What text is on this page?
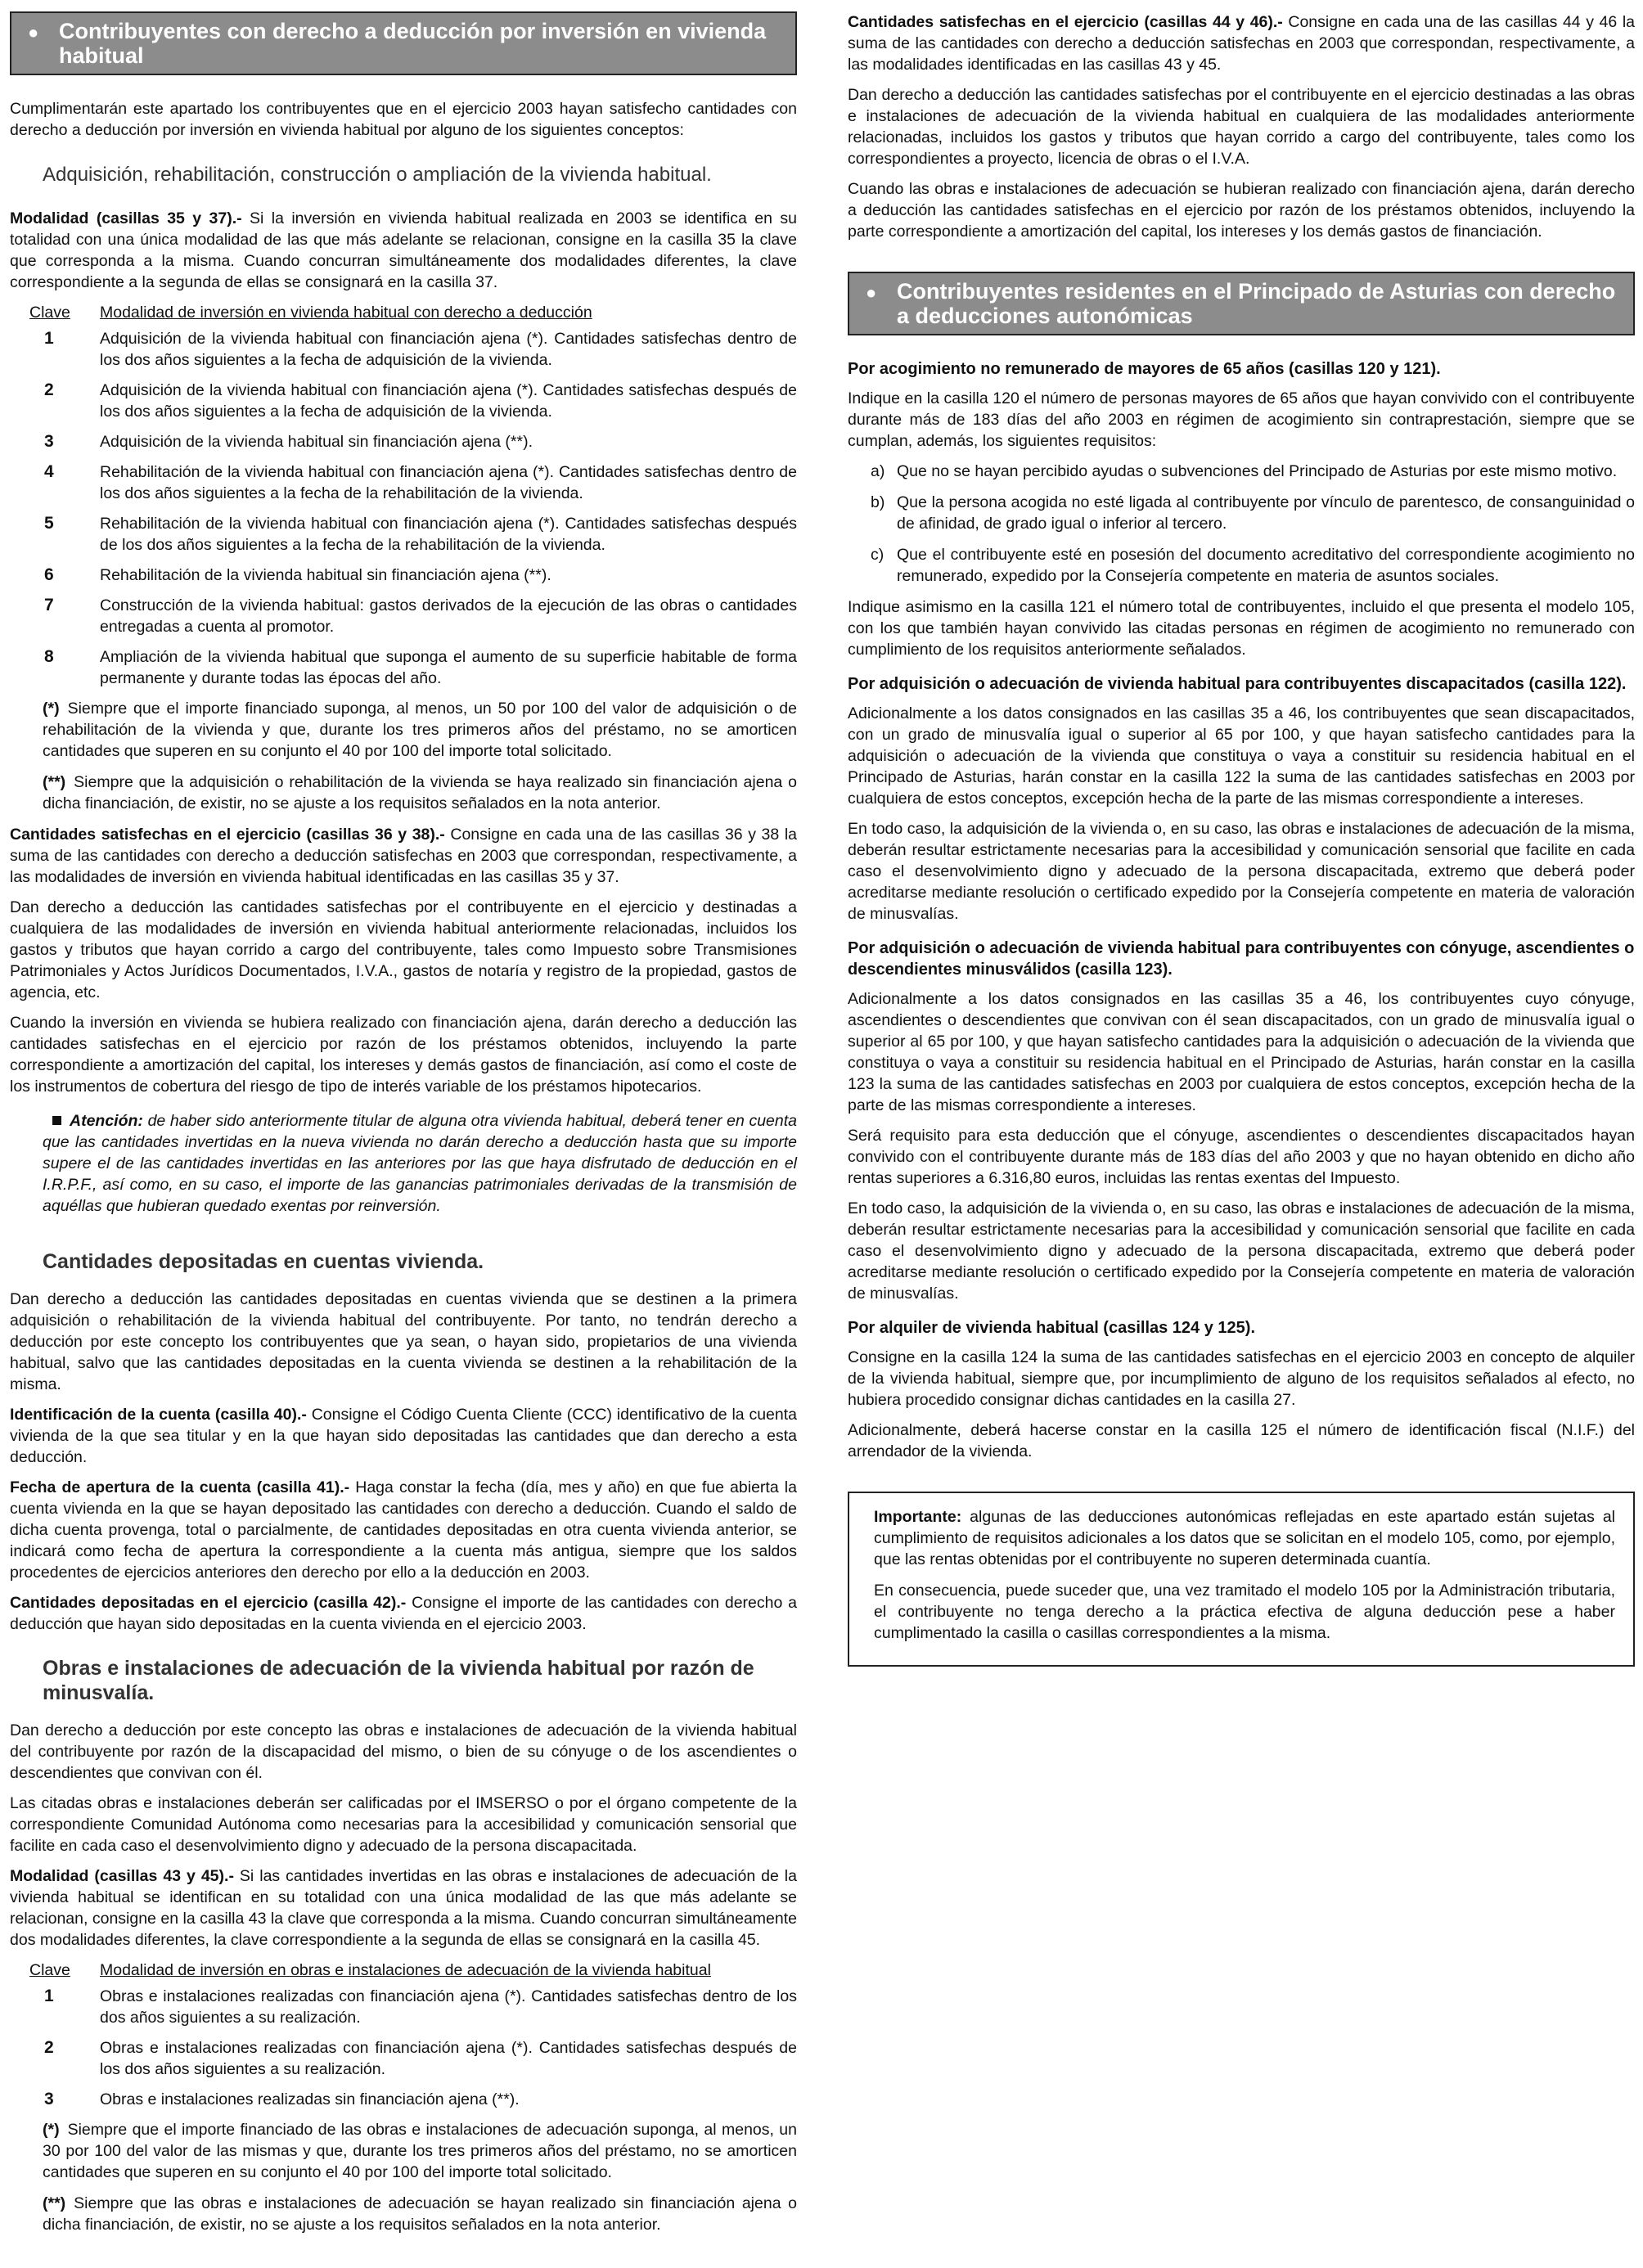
● Contribuyentes con derecho a deducción por inversión en vivienda habitual

Cumplimentarán este apartado los contribuyentes que en el ejercicio 2003 hayan satisfecho cantidades con derecho a deducción por inversión en vivienda habitual por alguno de los siguientes conceptos:

Adquisición, rehabilitación, construcción o ampliación de la vivienda habitual.

Modalidad (casillas 35 y 37).- Si la inversión en vivienda habitual realizada en 2003 se identifica en su totalidad con una única modalidad de las que más adelante se relacionan, consigne en la casilla 35 la clave que corresponda a la misma. Cuando concurran simultáneamente dos modalidades diferentes, la clave correspondiente a la segunda de ellas se consignará en la casilla 37.

Clave	Modalidad de inversión en vivienda habitual con derecho a deducción
1	Adquisición de la vivienda habitual con financiación ajena (*). Cantidades satisfechas dentro de los dos años siguientes a la fecha de adquisición de la vivienda.
2	Adquisición de la vivienda habitual con financiación ajena (*). Cantidades satisfechas después de los dos años siguientes a la fecha de adquisición de la vivienda.
3	Adquisición de la vivienda habitual sin financiación ajena (**).
4	Rehabilitación de la vivienda habitual con financiación ajena (*). Cantidades satisfechas dentro de los dos años siguientes a la fecha de la rehabilitación de la vivienda.
5	Rehabilitación de la vivienda habitual con financiación ajena (*). Cantidades satisfechas después de los dos años siguientes a la fecha de la rehabilitación de la vivienda.
6	Rehabilitación de la vivienda habitual sin financiación ajena (**).
7	Construcción de la vivienda habitual: gastos derivados de la ejecución de las obras o cantidades entregadas a cuenta al promotor.
8	Ampliación de la vivienda habitual que suponga el aumento de su superficie habitable de forma permanente y durante todas las épocas del año.
(*) Siempre que el importe financiado suponga, al menos, un 50 por 100 del valor de adquisición o de rehabilitación de la vivienda y que, durante los tres primeros años del préstamo, no se amorticen cantidades que superen en su conjunto el 40 por 100 del importe total solicitado.
(**) Siempre que la adquisición o rehabilitación de la vivienda se haya realizado sin financiación ajena o dicha financiación, de existir, no se ajuste a los requisitos señalados en la nota anterior.

Cantidades satisfechas en el ejercicio (casillas 36 y 38).- Consigne en cada una de las casillas 36 y 38 la suma de las cantidades con derecho a deducción satisfechas en 2003 que correspondan, respectivamente, a las modalidades de inversión en vivienda habitual identificadas en las casillas 35 y 37.

Dan derecho a deducción las cantidades satisfechas por el contribuyente en el ejercicio y destinadas a cualquiera de las modalidades de inversión en vivienda habitual anteriormente relacionadas, incluidos los gastos y tributos que hayan corrido a cargo del contribuyente, tales como Impuesto sobre Transmisiones Patrimoniales y Actos Jurídicos Documentados, I.V.A., gastos de notaría y registro de la propiedad, gastos de agencia, etc.

Cuando la inversión en vivienda se hubiera realizado con financiación ajena, darán derecho a deducción las cantidades satisfechas en el ejercicio por razón de los préstamos obtenidos, incluyendo la parte correspondiente a amortización del capital, los intereses y demás gastos de financiación, así como el coste de los instrumentos de cobertura del riesgo de tipo de interés variable de los préstamos hipotecarios.

Atención: de haber sido anteriormente titular de alguna otra vivienda habitual, deberá tener en cuenta que las cantidades invertidas en la nueva vivienda no darán derecho a deducción hasta que su importe supere el de las cantidades invertidas en las anteriores por las que haya disfrutado de deducción en el I.R.P.F., así como, en su caso, el importe de las ganancias patrimoniales derivadas de la transmisión de aquéllas que hubieran quedado exentas por reinversión.
Cantidades depositadas en cuentas vivienda.

Dan derecho a deducción las cantidades depositadas en cuentas vivienda que se destinen a la primera adquisición o rehabilitación de la vivienda habitual del contribuyente. Por tanto, no tendrán derecho a deducción por este concepto los contribuyentes que ya sean, o hayan sido, propietarios de una vivienda habitual, salvo que las cantidades depositadas en la cuenta vivienda se destinen a la rehabilitación de la misma.

Identificación de la cuenta (casilla 40).- Consigne el Código Cuenta Cliente (CCC) identificativo de la cuenta vivienda de la que sea titular y en la que hayan sido depositadas las cantidades que dan derecho a esta deducción.

Fecha de apertura de la cuenta (casilla 41).- Haga constar la fecha (día, mes y año) en que fue abierta la cuenta vivienda en la que se hayan depositado las cantidades con derecho a deducción. Cuando el saldo de dicha cuenta provenga, total o parcialmente, de cantidades depositadas en otra cuenta vivienda anterior, se indicará como fecha de apertura la correspondiente a la cuenta más antigua, siempre que los saldos procedentes de ejercicios anteriores den derecho por ello a la deducción en 2003.

Cantidades depositadas en el ejercicio (casilla 42).- Consigne el importe de las cantidades con derecho a deducción que hayan sido depositadas en la cuenta vivienda en el ejercicio 2003.

Obras e instalaciones de adecuación de la vivienda habitual por razón de minusvalía.

Dan derecho a deducción por este concepto las obras e instalaciones de adecuación de la vivienda habitual del contribuyente por razón de la discapacidad del mismo, o bien de su cónyuge o de los ascendientes o descendientes que convivan con él.

Las citadas obras e instalaciones deberán ser calificadas por el IMSERSO o por el órgano competente de la correspondiente Comunidad Autónoma como necesarias para la accesibilidad y comunicación sensorial que facilite en cada caso el desenvolvimiento digno y adecuado de la persona discapacitada.

Modalidad (casillas 43 y 45).- Si las cantidades invertidas en las obras e instalaciones de adecuación de la vivienda habitual se identifican en su totalidad con una única modalidad de las que más adelante se relacionan, consigne en la casilla 43 la clave que corresponda a la misma. Cuando concurran simultáneamente dos modalidades diferentes, la clave correspondiente a la segunda de ellas se consignará en la casilla 45.

Clave	Modalidad de inversión en obras e instalaciones de adecuación de la vivienda habitual
1	Obras e instalaciones realizadas con financiación ajena (*). Cantidades satisfechas dentro de los dos años siguientes a su realización.
2	Obras e instalaciones realizadas con financiación ajena (*). Cantidades satisfechas después de los dos años siguientes a su realización.
3	Obras e instalaciones realizadas sin financiación ajena (**).
(*) Siempre que el importe financiado de las obras e instalaciones de adecuación suponga, al menos, un 30 por 100 del valor de las mismas y que, durante los tres primeros años del préstamo, no se amorticen cantidades que superen en su conjunto el 40 por 100 del importe total solicitado.
(**) Siempre que las obras e instalaciones de adecuación se hayan realizado sin financiación ajena o dicha financiación, de existir, no se ajuste a los requisitos señalados en la nota anterior.

Cantidades satisfechas en el ejercicio (casillas 44 y 46).- Consigne en cada una de las casillas 44 y 46 la suma de las cantidades con derecho a deducción satisfechas en 2003 que correspondan, respectivamente, a las modalidades identificadas en las casillas 43 y 45.

Dan derecho a deducción las cantidades satisfechas por el contribuyente en el ejercicio destinadas a las obras e instalaciones de adecuación de la vivienda habitual en cualquiera de las modalidades anteriormente relacionadas, incluidos los gastos y tributos que hayan corrido a cargo del contribuyente, tales como los correspondientes a proyecto, licencia de obras o el I.V.A.

Cuando las obras e instalaciones de adecuación se hubieran realizado con financiación ajena, darán derecho a deducción las cantidades satisfechas en el ejercicio por razón de los préstamos obtenidos, incluyendo la parte correspondiente a amortización del capital, los intereses y los demás gastos de financiación.

● Contribuyentes residentes en el Principado de Asturias con derecho a deducciones autonómicas
Por acogimiento no remunerado de mayores de 65 años (casillas 120 y 121).

Indique en la casilla 120 el número de personas mayores de 65 años que hayan convivido con el contribuyente durante más de 183 días del año 2003 en régimen de acogimiento sin contraprestación, siempre que se cumplan, además, los siguientes requisitos:

a) Que no se hayan percibido ayudas o subvenciones del Principado de Asturias por este mismo motivo.
b) Que la persona acogida no esté ligada al contribuyente por vínculo de parentesco, de consanguinidad o de afinidad, de grado igual o inferior al tercero.
c) Que el contribuyente esté en posesión del documento acreditativo del correspondiente acogimiento no remunerado, expedido por la Consejería competente en materia de asuntos sociales.

Indique asimismo en la casilla 121 el número total de contribuyentes, incluido el que presenta el modelo 105, con los que también hayan convivido las citadas personas en régimen de acogimiento no remunerado con cumplimiento de los requisitos anteriormente señalados.

Por adquisición o adecuación de vivienda habitual para contribuyentes discapacitados (casilla 122).

Adicionalmente a los datos consignados en las casillas 35 a 46, los contribuyentes que sean discapacitados, con un grado de minusvalía igual o superior al 65 por 100, y que hayan satisfecho cantidades para la adquisición o adecuación de la vivienda que constituya o vaya a constituir su residencia habitual en el Principado de Asturias, harán constar en la casilla 122 la suma de las cantidades satisfechas en 2003 por cualquiera de estos conceptos, excepción hecha de la parte de las mismas correspondiente a intereses.

En todo caso, la adquisición de la vivienda o, en su caso, las obras e instalaciones de adecuación de la misma, deberán resultar estrictamente necesarias para la accesibilidad y comunicación sensorial que facilite en cada caso el desenvolvimiento digno y adecuado de la persona discapacitada, extremo que deberá poder acreditarse mediante resolución o certificado expedido por la Consejería competente en materia de valoración de minusvalías.

Por adquisición o adecuación de vivienda habitual para contribuyentes con cónyuge, ascendientes o descendientes minusválidos (casilla 123).

Adicionalmente a los datos consignados en las casillas 35 a 46, los contribuyentes cuyo cónyuge, ascendientes o descendientes que convivan con él sean discapacitados, con un grado de minusvalía igual o superior al 65 por 100, y que hayan satisfecho cantidades para la adquisición o adecuación de la vivienda que constituya o vaya a constituir su residencia habitual en el Principado de Asturias, harán constar en la casilla 123 la suma de las cantidades satisfechas en 2003 por cualquiera de estos conceptos, excepción hecha de la parte de las mismas correspondiente a intereses.

Será requisito para esta deducción que el cónyuge, ascendientes o descendientes discapacitados hayan convivido con el contribuyente durante más de 183 días del año 2003 y que no hayan obtenido en dicho año rentas superiores a 6.316,80 euros, incluidas las rentas exentas del Impuesto.

En todo caso, la adquisición de la vivienda o, en su caso, las obras e instalaciones de adecuación de la misma, deberán resultar estrictamente necesarias para la accesibilidad y comunicación sensorial que facilite en cada caso el desenvolvimiento digno y adecuado de la persona discapacitada, extremo que deberá poder acreditarse mediante resolución o certificado expedido por la Consejería competente en materia de valoración de minusvalías.

Por alquiler de vivienda habitual (casillas 124 y 125).

Consigne en la casilla 124 la suma de las cantidades satisfechas en el ejercicio 2003 en concepto de alquiler de la vivienda habitual, siempre que, por incumplimiento de alguno de los requisitos señalados al efecto, no hubiera procedido consignar dichas cantidades en la casilla 27.

Adicionalmente, deberá hacerse constar en la casilla 125 el número de identificación fiscal (N.I.F.) del arrendador de la vivienda.

Importante: algunas de las deducciones autonómicas reflejadas en este apartado están sujetas al cumplimiento de requisitos adicionales a los datos que se solicitan en el modelo 105, como, por ejemplo, que las rentas obtenidas por el contribuyente no superen determinada cuantía.

En consecuencia, puede suceder que, una vez tramitado el modelo 105 por la Administración tributaria, el contribuyente no tenga derecho a la práctica efectiva de alguna deducción pese a haber cumplimentado la casilla o casillas correspondientes a la misma.
